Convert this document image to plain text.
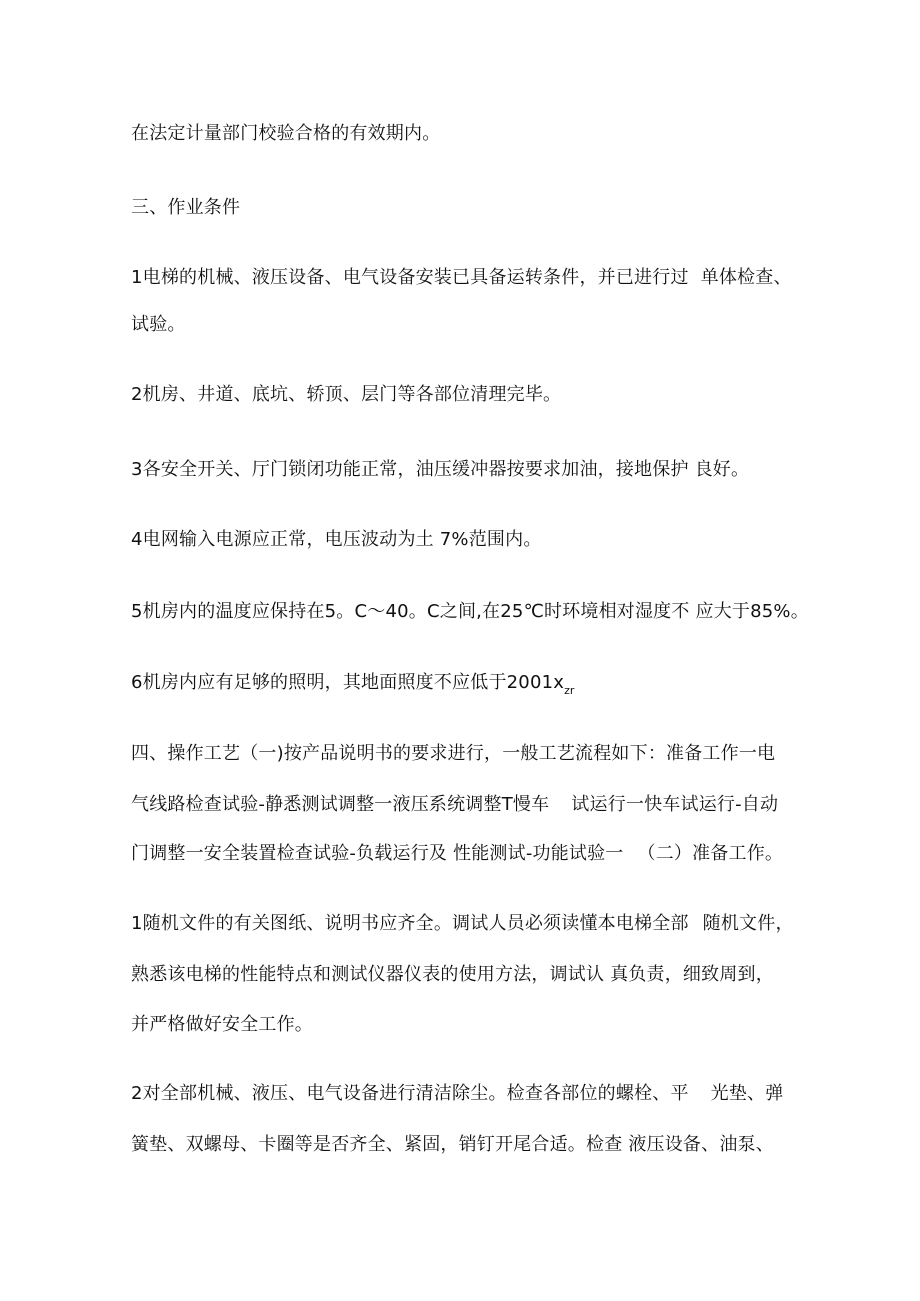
在法定计量部门校验合格的有效期内。
三、作业条件
1电梯的机械、液压设备、电气设备安装已具备运转条件，并已进行过 单体检查、
试验。
2机房、井道、底坑、轿顶、层门等各部位清理完毕。
3各安全开关、厅门锁闭功能正常，油压缓冲器按要求加油，接地保护 良好。
4电网输入电源应正常，电压波动为土 7%范围内。
5机房内的温度应保持在5。C～40。C之间,在25℃时环境相对湿度不 应大于85%。
6机房内应有足够的照明，其地面照度不应低于$2001x_{zr}$
四、操作工艺（一)按产品说明书的要求进行，一般工艺流程如下：准备工作一电
气线路检查试验-静悉测试调整一液压系统调整T慢车 试运行一快车试运行-自动
门调整一安全装置检查试验-负载运行及 性能测试-功能试验一 （二）准备工作。
1随机文件的有关图纸、说明书应齐全。调试人员必须读懂本电梯全部 随机文件，
熟悉该电梯的性能特点和测试仪器仪表的使用方法，调试认 真负责，细致周到，
并严格做好安全工作。
2对全部机械、液压、电气设备进行清洁除尘。检查各部位的螺栓、平 光垫、弹
簧垫、双螺母、卡圈等是否齐全、紧固，销钉开尾合适。检查 液压设备、油泵、
